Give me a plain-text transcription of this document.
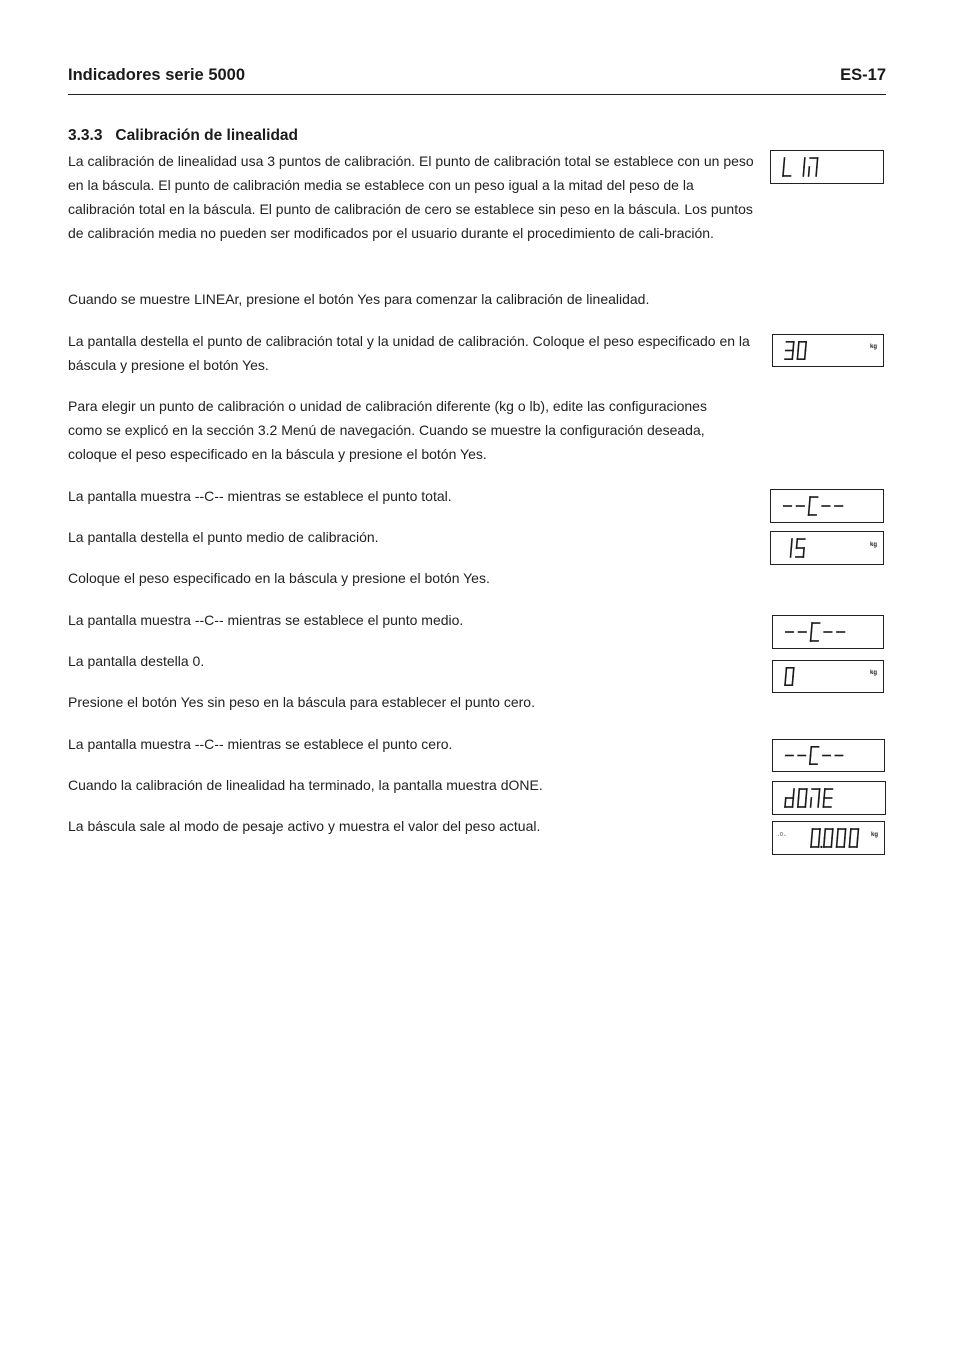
Indicadores serie 5000	ES-17
3.3.3 Calibración de linealidad

La calibración de linealidad usa 3 puntos de calibración. El punto de calibración total se establece con un peso en la báscula. El punto de calibración media se establece con un peso igual a la mitad del peso de la calibración total en la báscula. El punto de calibración de cero se establece sin peso en la báscula. Los puntos de calibración media no pueden ser modificados por el usuario durante el procedimiento de cali-bración.

Cuando se muestre LINEAr, presione el botón Yes para comenzar la calibración de linealidad.

La pantalla destella el punto de calibración total y la unidad de calibración. Coloque el peso especificado en la báscula y presione el botón Yes.

Para elegir un punto de calibración o unidad de calibración diferente (kg o lb), edite las configuraciones como se explicó en la sección 3.2 Menú de navegación. Cuando se muestre la configuración deseada, coloque el peso especificado en la báscula y presione el botón Yes.

La pantalla muestra --C-- mientras se establece el punto total.

La pantalla destella el punto medio de calibración.

Coloque el peso especificado en la báscula y presione el botón Yes.

La pantalla muestra --C-- mientras se establece el punto medio.

La pantalla destella 0.

Presione el botón Yes sin peso en la báscula para establecer el punto cero.

La pantalla muestra --C-- mientras se establece el punto cero.

Cuando la calibración de linealidad ha terminado, la pantalla muestra dONE.

La báscula sale al modo de pesaje activo y muestra el valor del peso actual.

kg
kg
kg
kg
→0←
